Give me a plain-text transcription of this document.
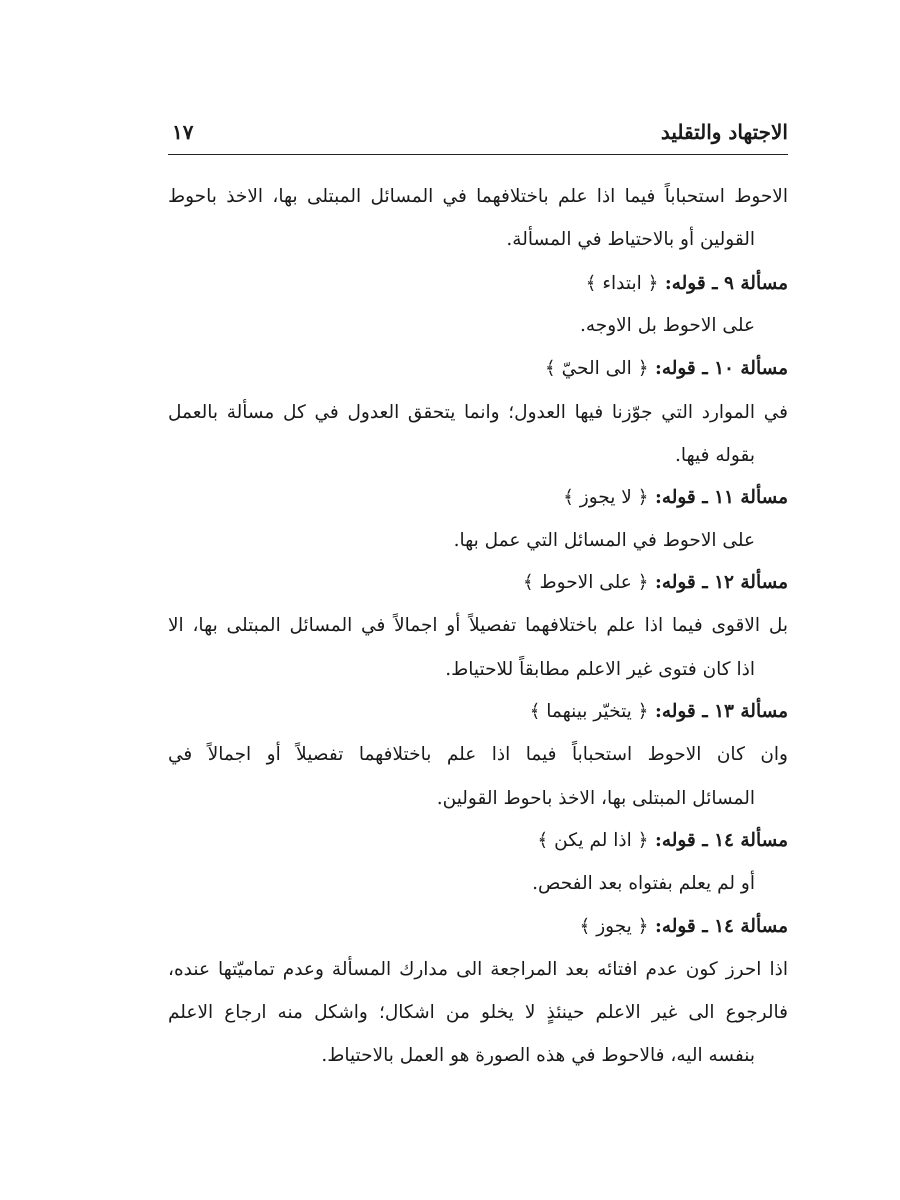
الاجتهاد والتقليد
١٧
الاحوط استحباباً فيما اذا علم باختلافهما في المسائل المبتلى بها، الاخذ باحوط
القولين أو بالاحتياط في المسألة.
مسألة ٩ ـ قوله: ﴿ ابتداء ﴾
على الاحوط بل الاوجه.
مسألة ١٠ ـ قوله: ﴿ الى الحيّ ﴾
في الموارد التي جوّزنا فيها العدول؛ وانما يتحقق العدول في كل مسألة بالعمل
بقوله فيها.
مسألة ١١ ـ قوله: ﴿ لا يجوز ﴾
على الاحوط في المسائل التي عمل بها.
مسألة ١٢ ـ قوله: ﴿ على الاحوط ﴾
بل الاقوى فيما اذا علم باختلافهما تفصيلاً أو اجمالاً في المسائل المبتلى بها، الا
اذا كان فتوى غير الاعلم مطابقاً للاحتياط.
مسألة ١٣ ـ قوله: ﴿ يتخيّر بينهما ﴾
وان كان الاحوط استحباباً فيما اذا علم باختلافهما تفصيلاً أو اجمالاً في
المسائل المبتلى بها، الاخذ باحوط القولين.
مسألة ١٤ ـ قوله: ﴿ اذا لم يكن ﴾
أو لم يعلم بفتواه بعد الفحص.
مسألة ١٤ ـ قوله: ﴿ يجوز ﴾
اذا احرز كون عدم افتائه بعد المراجعة الى مدارك المسألة وعدم تماميّتها عنده،
فالرجوع الى غير الاعلم حينئذٍ لا يخلو من اشكال؛ واشكل منه ارجاع الاعلم
بنفسه اليه، فالاحوط في هذه الصورة هو العمل بالاحتياط.
